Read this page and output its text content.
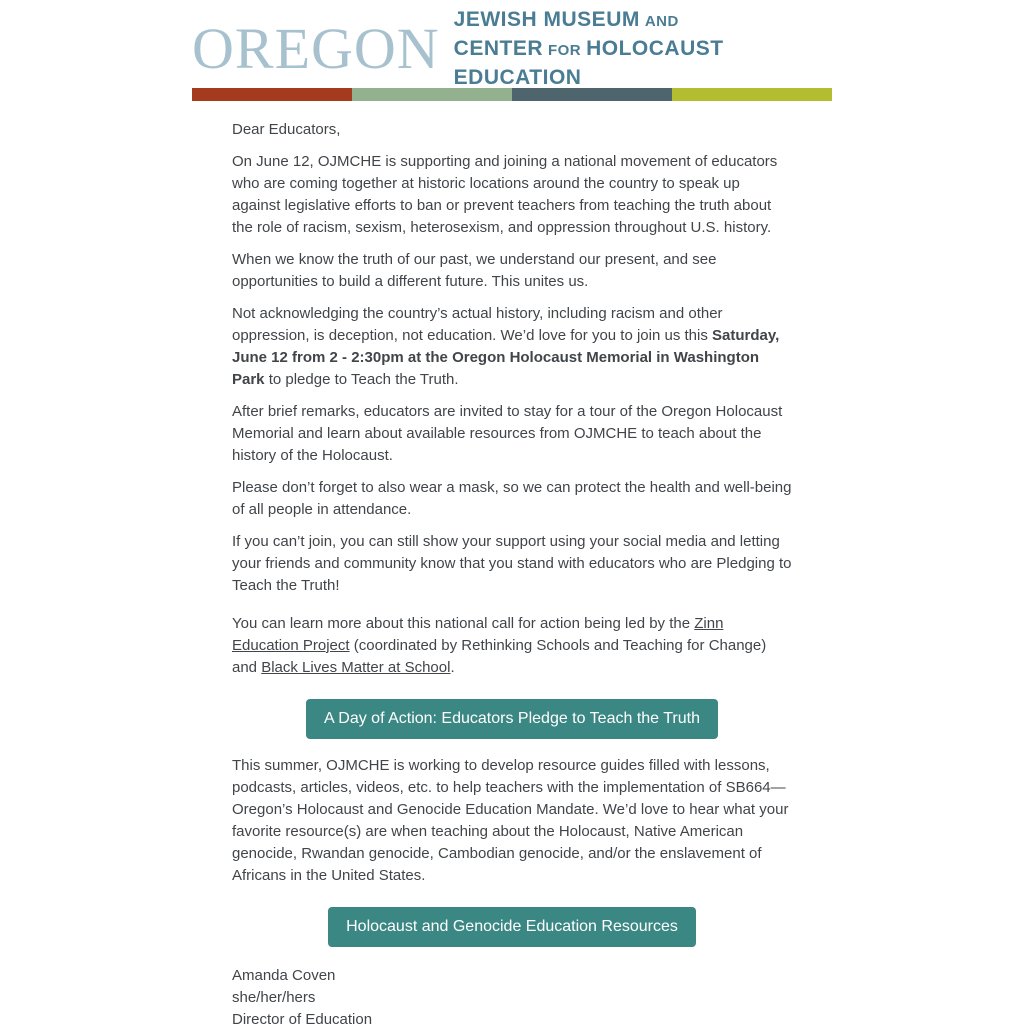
OREGON JEWISH MUSEUM AND
CENTER FOR HOLOCAUST EDUCATION

Dear Educators,

On June 12, OJMCHE is supporting and joining a national movement of educators who are coming together at historic locations around the country to speak up against legislative efforts to ban or prevent teachers from teaching the truth about the role of racism, sexism, heterosexism, and oppression throughout U.S. history.

When we know the truth of our past, we understand our present, and see opportunities to build a different future. This unites us.

Not acknowledging the country’s actual history, including racism and other oppression, is deception, not education. We’d love for you to join us this Saturday, June 12 from 2 - 2:30pm at the Oregon Holocaust Memorial in Washington Park to pledge to Teach the Truth.

After brief remarks, educators are invited to stay for a tour of the Oregon Holocaust Memorial and learn about available resources from OJMCHE to teach about the history of the Holocaust.

Please don’t forget to also wear a mask, so we can protect the health and well-being of all people in attendance.

If you can’t join, you can still show your support using your social media and letting your friends and community know that you stand with educators who are Pledging to Teach the Truth!

You can learn more about this national call for action being led by the Zinn Education Project (coordinated by Rethinking Schools and Teaching for Change) and Black Lives Matter at School.

A Day of Action: Educators Pledge to Teach the Truth

This summer, OJMCHE is working to develop resource guides filled with lessons, podcasts, articles, videos, etc. to help teachers with the implementation of SB664—Oregon’s Holocaust and Genocide Education Mandate. We’d love to hear what your favorite resource(s) are when teaching about the Holocaust, Native American genocide, Rwandan genocide, Cambodian genocide, and/or the enslavement of Africans in the United States.

Holocaust and Genocide Education Resources
Amanda Coven
she/her/hers
Director of Education
